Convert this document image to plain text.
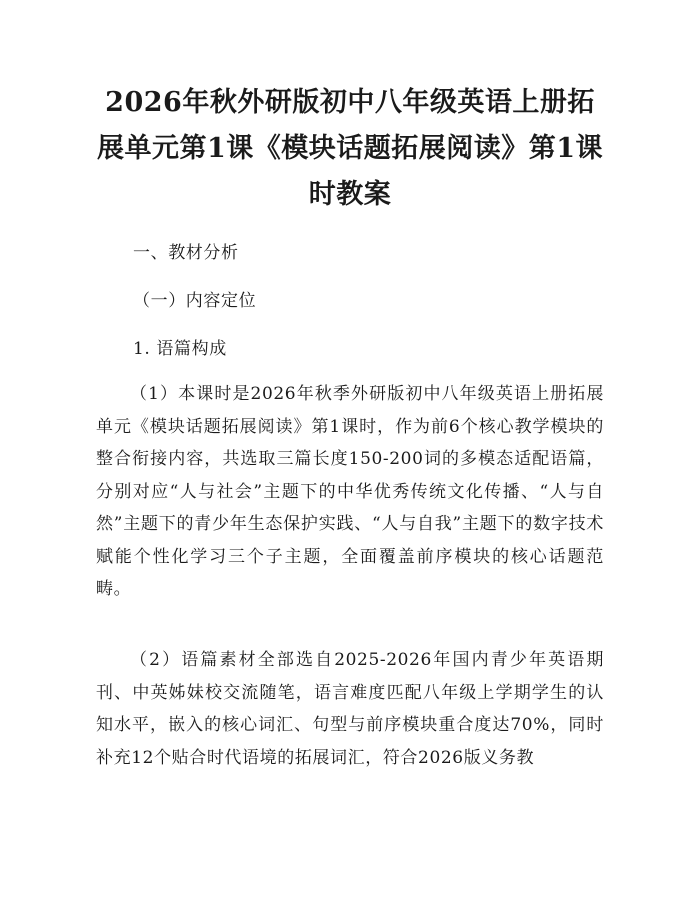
2026年秋外研版初中八年级英语上册拓展单元第1课《模块话题拓展阅读》第1课时教案

一、教材分析

（一）内容定位

1. 语篇构成

（1）本课时是2026年秋季外研版初中八年级英语上册拓展单元《模块话题拓展阅读》第1课时，作为前6个核心教学模块的整合衔接内容，共选取三篇长度150-200词的多模态适配语篇，分别对应“人与社会”主题下的中华优秀传统文化传播、“人与自然”主题下的青少年生态保护实践、“人与自我”主题下的数字技术赋能个性化学习三个子主题，全面覆盖前序模块的核心话题范畴。

（2）语篇素材全部选自2025-2026年国内青少年英语期刊、中英姊妹校交流随笔，语言难度匹配八年级上学期学生的认知水平，嵌入的核心词汇、句型与前序模块重合度达70%，同时补充12个贴合时代语境的拓展词汇，符合2026版义务教
